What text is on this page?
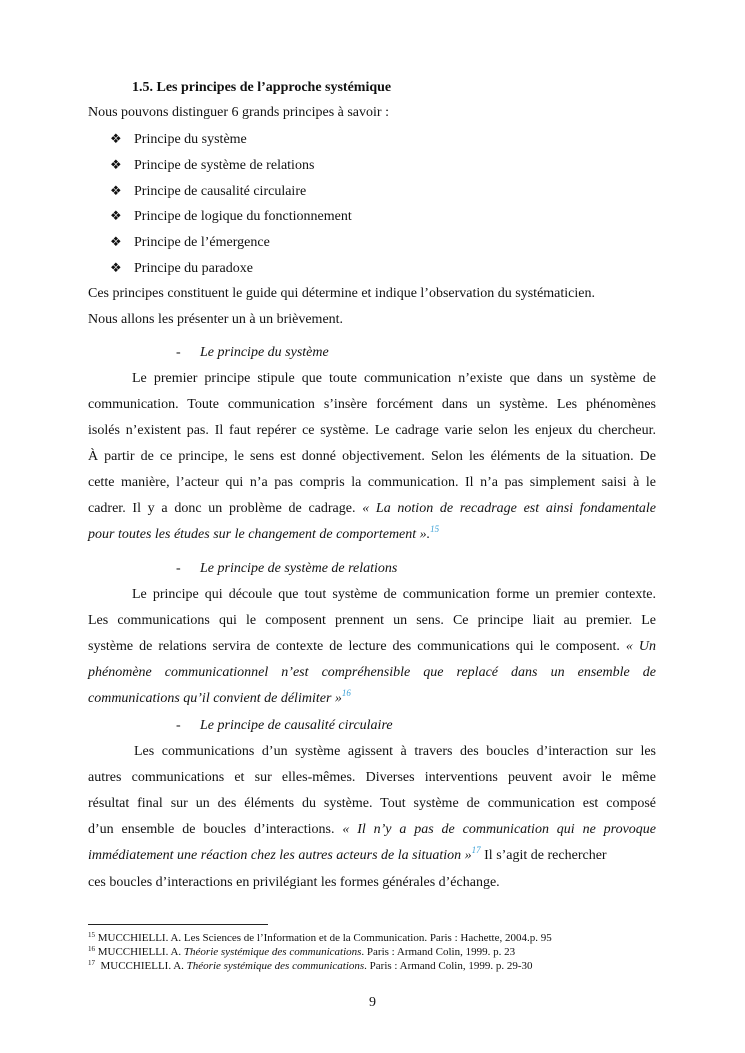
1.5. Les principes de l’approche systémique
Nous pouvons distinguer 6 grands principes à savoir :
❖ Principe du système
❖ Principe de système de relations
❖ Principe de causalité circulaire
❖ Principe de logique du fonctionnement
❖ Principe de l’émergence
❖ Principe du paradoxe
Ces principes constituent le guide qui détermine et indique l’observation du systématicien.
Nous allons les présenter un à un brièvement.
- Le principe du système
Le premier principe stipule que toute communication n’existe que dans un système de
communication. Toute communication s’insère forcément dans un système. Les phénomènes
isolés n’existent pas. Il faut repérer ce système. Le cadrage varie selon les enjeux du chercheur.
À partir de ce principe, le sens est donné objectivement. Selon les éléments de la situation. De
cette manière, l’acteur qui n’a pas compris la communication. Il n’a pas simplement saisi à le
cadrer. Il y a donc un problème de cadrage. « La notion de recadrage est ainsi fondamentale
pour toutes les études sur le changement de comportement ».$^{15}$
- Le principe de système de relations
Le principe qui découle que tout système de communication forme un premier contexte.
Les communications qui le composent prennent un sens. Ce principe liait au premier. Le
système de relations servira de contexte de lecture des communications qui le composent. « Un
phénomène communicationnel n’est compréhensible que replacé dans un ensemble de
communications qu’il convient de délimiter »$^{16}$
- Le principe de causalité circulaire
Les communications d’un système agissent à travers des boucles d’interaction sur les
autres communications et sur elles-mêmes. Diverses interventions peuvent avoir le même
résultat final sur un des éléments du système. Tout système de communication est composé
d’un ensemble de boucles d’interactions. « Il n’y a pas de communication qui ne provoque
immédiatement une réaction chez les autres acteurs de la situation »$^{17}$ Il s’agit de rechercher
ces boucles d’interactions en privilégiant les formes générales d’échange.
$^{15}$ MUCCHIELLI. A. Les Sciences de l’Information et de la Communication. Paris : Hachette, 2004.p. 95
$^{16}$ MUCCHIELLI. A. Théorie systémique des communications. Paris : Armand Colin, 1999. p. 23
$^{17}$  MUCCHIELLI. A. Théorie systémique des communications. Paris : Armand Colin, 1999. p. 29-30
9
